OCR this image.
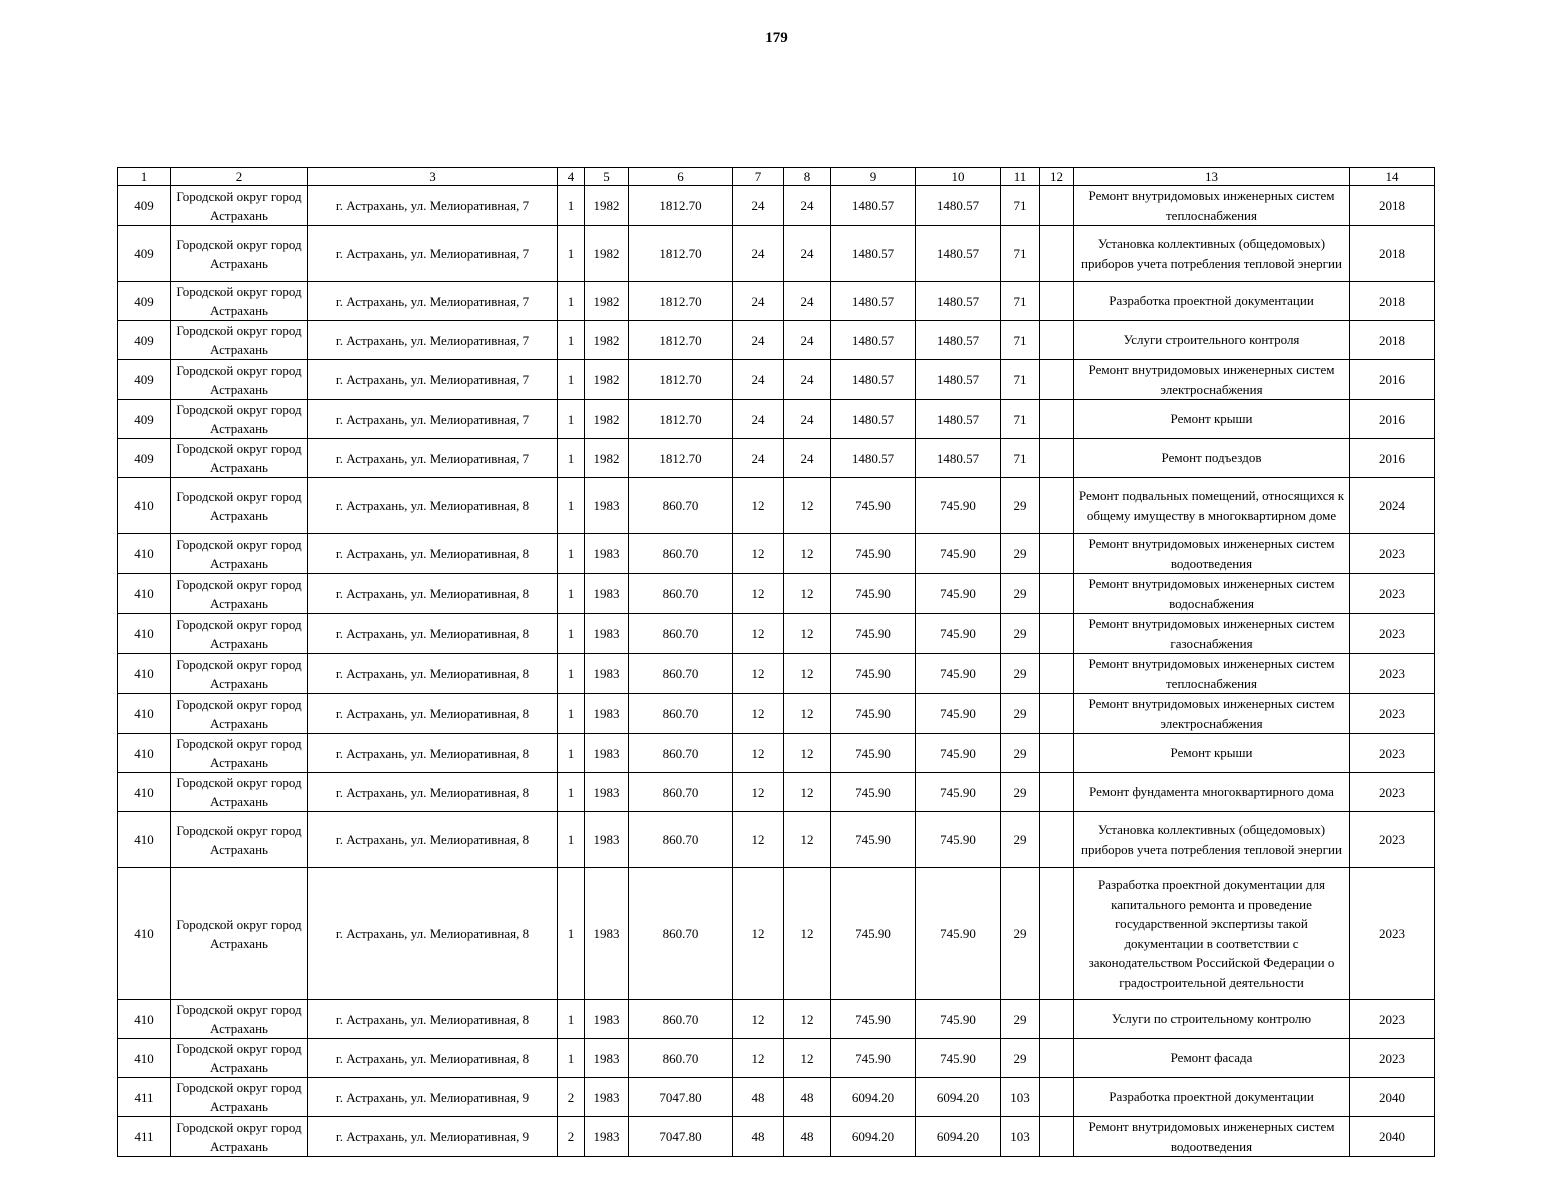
179
1	2	3	4	5	6	7	8	9	10	11	12	13	14
409	Городской округ город Астрахань	г. Астрахань, ул. Мелиоративная, 7	1	1982	1812.70	24	24	1480.57	1480.57	71		Ремонт внутридомовых инженерных систем теплоснабжения	2018
409	Городской округ город Астрахань	г. Астрахань, ул. Мелиоративная, 7	1	1982	1812.70	24	24	1480.57	1480.57	71		Установка коллективных (общедомовых) приборов учета потребления тепловой энергии	2018
409	Городской округ город Астрахань	г. Астрахань, ул. Мелиоративная, 7	1	1982	1812.70	24	24	1480.57	1480.57	71		Разработка проектной документации	2018
409	Городской округ город Астрахань	г. Астрахань, ул. Мелиоративная, 7	1	1982	1812.70	24	24	1480.57	1480.57	71		Услуги строительного контроля	2018
409	Городской округ город Астрахань	г. Астрахань, ул. Мелиоративная, 7	1	1982	1812.70	24	24	1480.57	1480.57	71		Ремонт внутридомовых инженерных систем электроснабжения	2016
409	Городской округ город Астрахань	г. Астрахань, ул. Мелиоративная, 7	1	1982	1812.70	24	24	1480.57	1480.57	71		Ремонт крыши	2016
409	Городской округ город Астрахань	г. Астрахань, ул. Мелиоративная, 7	1	1982	1812.70	24	24	1480.57	1480.57	71		Ремонт подъездов	2016
410	Городской округ город Астрахань	г. Астрахань, ул. Мелиоративная, 8	1	1983	860.70	12	12	745.90	745.90	29		Ремонт подвальных помещений, относящихся к общему имуществу в многоквартирном доме	2024
410	Городской округ город Астрахань	г. Астрахань, ул. Мелиоративная, 8	1	1983	860.70	12	12	745.90	745.90	29		Ремонт внутридомовых инженерных систем водоотведения	2023
410	Городской округ город Астрахань	г. Астрахань, ул. Мелиоративная, 8	1	1983	860.70	12	12	745.90	745.90	29		Ремонт внутридомовых инженерных систем водоснабжения	2023
410	Городской округ город Астрахань	г. Астрахань, ул. Мелиоративная, 8	1	1983	860.70	12	12	745.90	745.90	29		Ремонт внутридомовых инженерных систем газоснабжения	2023
410	Городской округ город Астрахань	г. Астрахань, ул. Мелиоративная, 8	1	1983	860.70	12	12	745.90	745.90	29		Ремонт внутридомовых инженерных систем теплоснабжения	2023
410	Городской округ город Астрахань	г. Астрахань, ул. Мелиоративная, 8	1	1983	860.70	12	12	745.90	745.90	29		Ремонт внутридомовых инженерных систем электроснабжения	2023
410	Городской округ город Астрахань	г. Астрахань, ул. Мелиоративная, 8	1	1983	860.70	12	12	745.90	745.90	29		Ремонт крыши	2023
410	Городской округ город Астрахань	г. Астрахань, ул. Мелиоративная, 8	1	1983	860.70	12	12	745.90	745.90	29		Ремонт фундамента многоквартирного дома	2023
410	Городской округ город Астрахань	г. Астрахань, ул. Мелиоративная, 8	1	1983	860.70	12	12	745.90	745.90	29		Установка коллективных (общедомовых) приборов учета потребления тепловой энергии	2023
410	Городской округ город Астрахань	г. Астрахань, ул. Мелиоративная, 8	1	1983	860.70	12	12	745.90	745.90	29		Разработка проектной документации для капитального ремонта и проведение государственной экспертизы такой документации в соответствии с законодательством Российской Федерации о градостроительной деятельности	2023
410	Городской округ город Астрахань	г. Астрахань, ул. Мелиоративная, 8	1	1983	860.70	12	12	745.90	745.90	29		Услуги по строительному контролю	2023
410	Городской округ город Астрахань	г. Астрахань, ул. Мелиоративная, 8	1	1983	860.70	12	12	745.90	745.90	29		Ремонт фасада	2023
411	Городской округ город Астрахань	г. Астрахань, ул. Мелиоративная, 9	2	1983	7047.80	48	48	6094.20	6094.20	103		Разработка проектной документации	2040
411	Городской округ город Астрахань	г. Астрахань, ул. Мелиоративная, 9	2	1983	7047.80	48	48	6094.20	6094.20	103		Ремонт внутридомовых инженерных систем водоотведения	2040
